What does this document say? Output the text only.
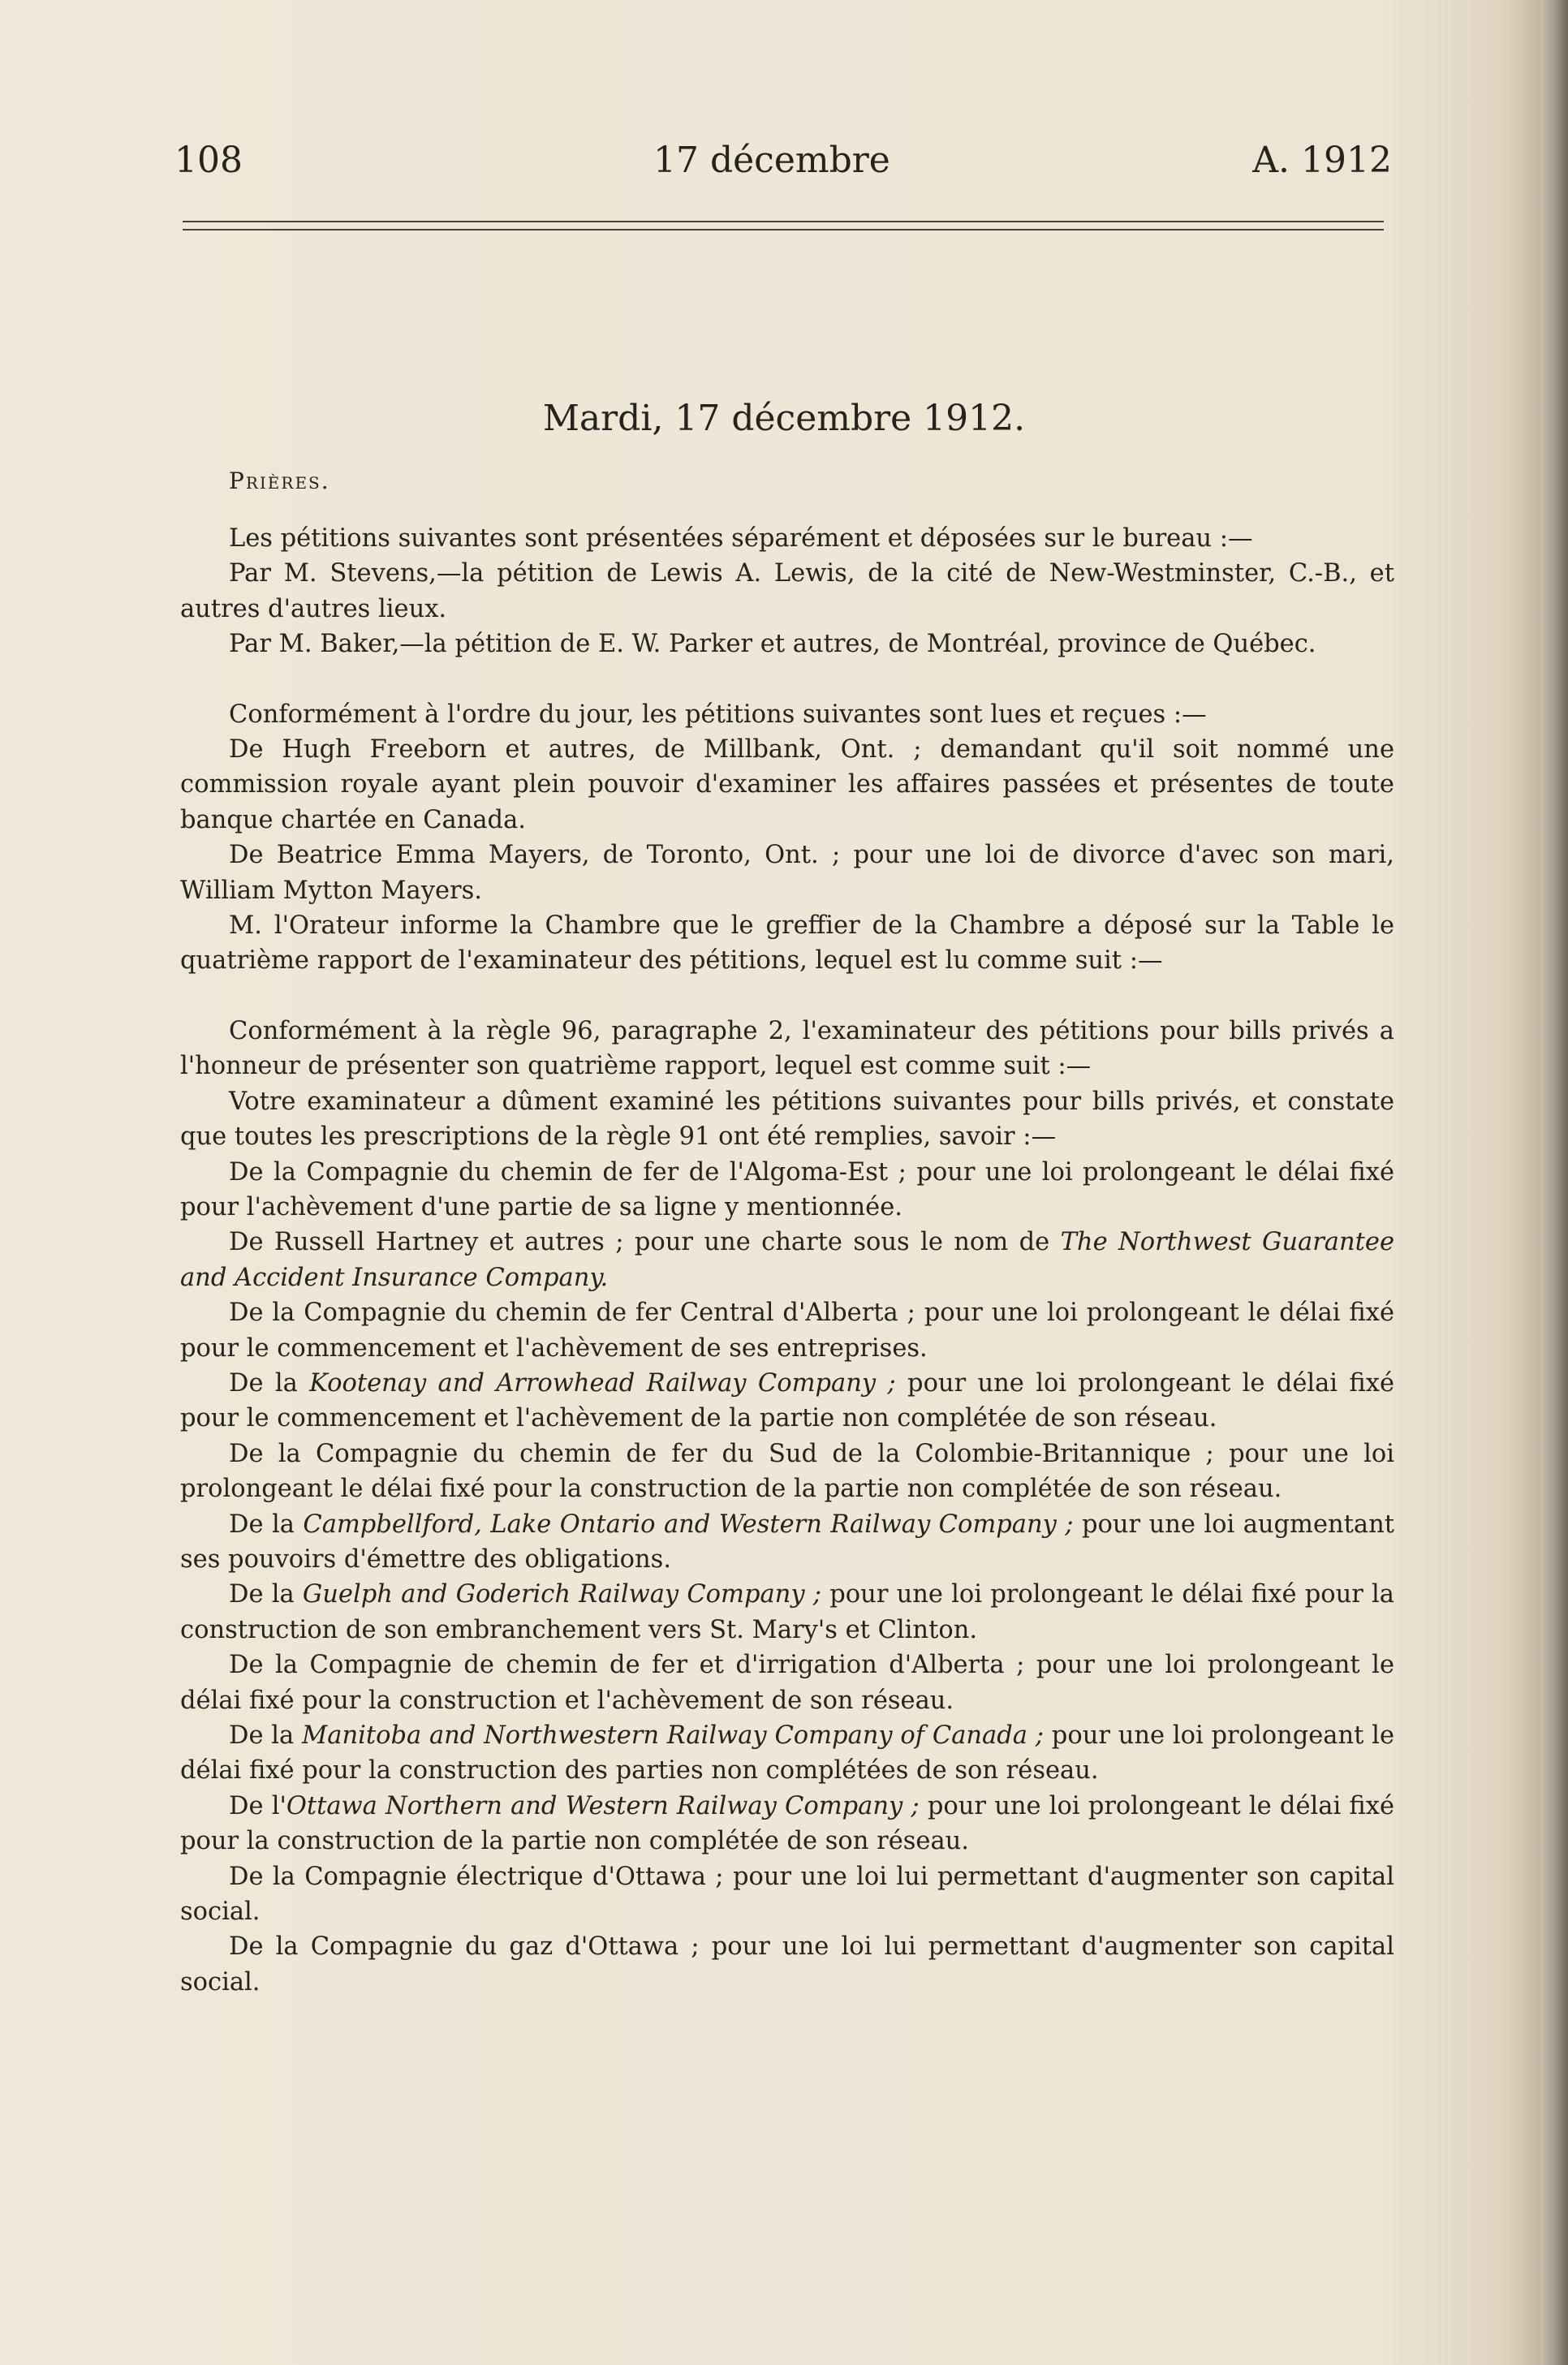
108	17 décembre	A. 1912
Mardi, 17 décembre 1912.
Prières.

Les pétitions suivantes sont présentées séparément et déposées sur le bureau :—

Par M. Stevens,—la pétition de Lewis A. Lewis, de la cité de New-Westminster, C.-B., et autres d'autres lieux.

Par M. Baker,—la pétition de E. W. Parker et autres, de Montréal, province de Québec.

Conformément à l'ordre du jour, les pétitions suivantes sont lues et reçues :—

De Hugh Freeborn et autres, de Millbank, Ont. ; demandant qu'il soit nommé une commission royale ayant plein pouvoir d'examiner les affaires passées et présentes de toute banque chartée en Canada.

De Beatrice Emma Mayers, de Toronto, Ont. ; pour une loi de divorce d'avec son mari, William Mytton Mayers.

M. l'Orateur informe la Chambre que le greffier de la Chambre a déposé sur la Table le quatrième rapport de l'examinateur des pétitions, lequel est lu comme suit :—

Conformément à la règle 96, paragraphe 2, l'examinateur des pétitions pour bills privés a l'honneur de présenter son quatrième rapport, lequel est comme suit :—

Votre examinateur a dûment examiné les pétitions suivantes pour bills privés, et constate que toutes les prescriptions de la règle 91 ont été remplies, savoir :—

De la Compagnie du chemin de fer de l'Algoma-Est ; pour une loi prolongeant le délai fixé pour l'achèvement d'une partie de sa ligne y mentionnée.

De Russell Hartney et autres ; pour une charte sous le nom de The Northwest Guarantee and Accident Insurance Company.

De la Compagnie du chemin de fer Central d'Alberta ; pour une loi prolongeant le délai fixé pour le commencement et l'achèvement de ses entreprises.

De la Kootenay and Arrowhead Railway Company ; pour une loi prolongeant le délai fixé pour le commencement et l'achèvement de la partie non complétée de son réseau.

De la Compagnie du chemin de fer du Sud de la Colombie-Britannique ; pour une loi prolongeant le délai fixé pour la construction de la partie non complétée de son réseau.

De la Campbellford, Lake Ontario and Western Railway Company ; pour une loi augmentant ses pouvoirs d'émettre des obligations.

De la Guelph and Goderich Railway Company ; pour une loi prolongeant le délai fixé pour la construction de son embranchement vers St. Mary's et Clinton.

De la Compagnie de chemin de fer et d'irrigation d'Alberta ; pour une loi prolongeant le délai fixé pour la construction et l'achèvement de son réseau.

De la Manitoba and Northwestern Railway Company of Canada ; pour une loi prolongeant le délai fixé pour la construction des parties non complétées de son réseau.

De l'Ottawa Northern and Western Railway Company ; pour une loi prolongeant le délai fixé pour la construction de la partie non complétée de son réseau.

De la Compagnie électrique d'Ottawa ; pour une loi lui permettant d'augmenter son capital social.

De la Compagnie du gaz d'Ottawa ; pour une loi lui permettant d'augmenter son capital social.
